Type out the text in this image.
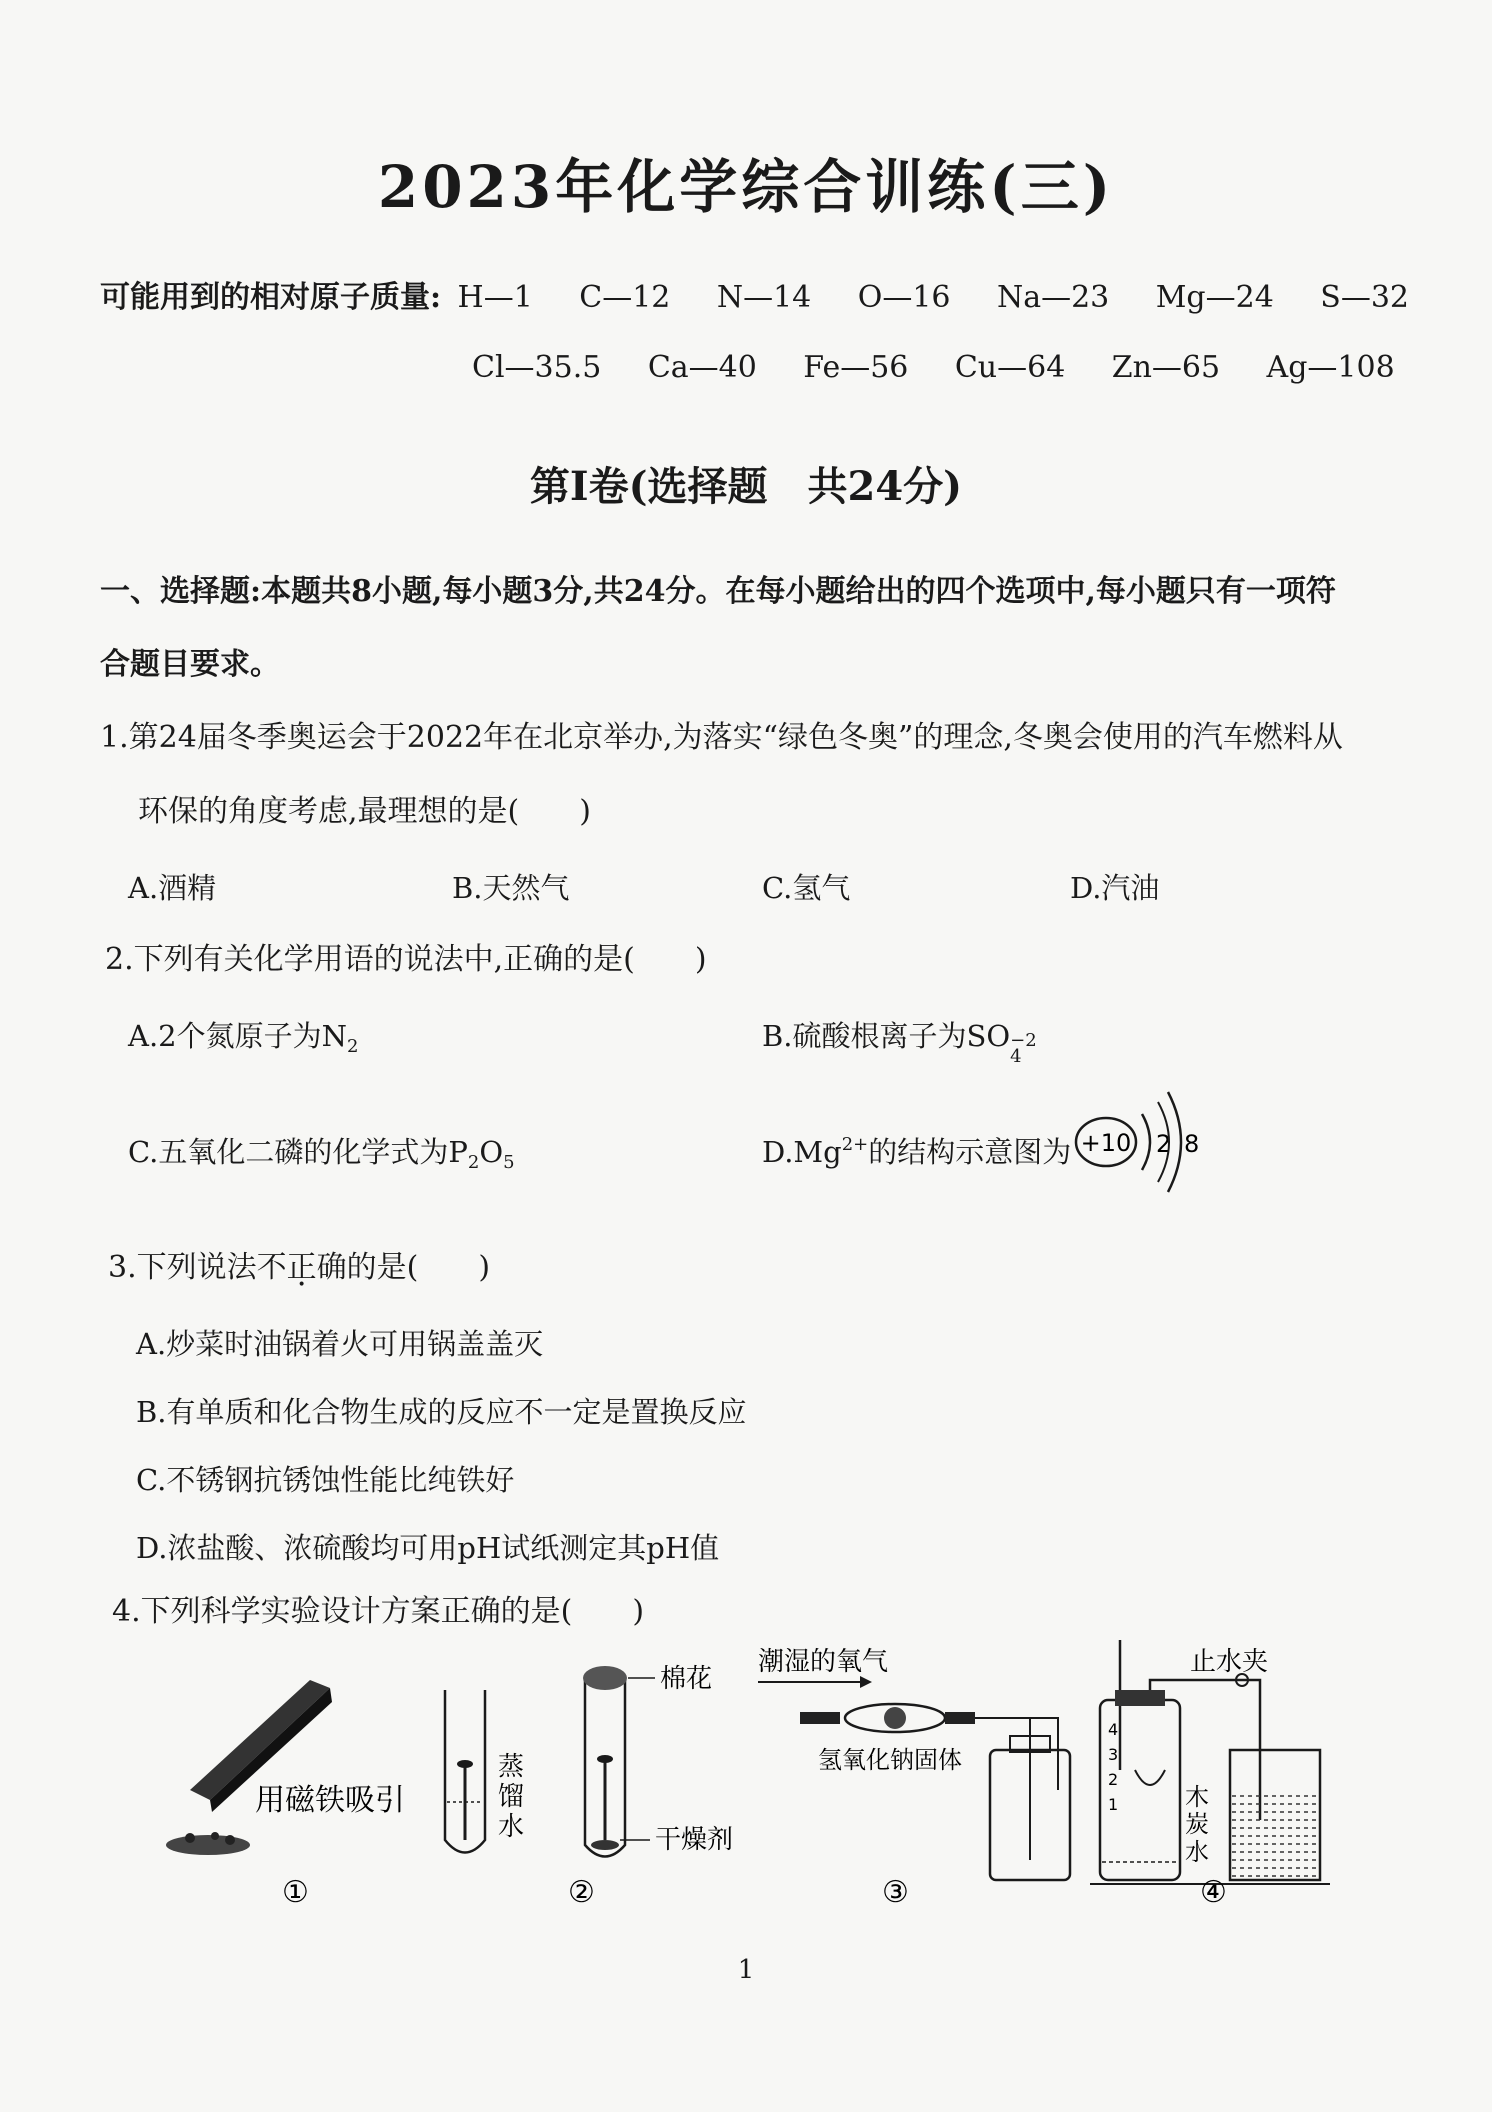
2023年化学综合训练(三)
可能用到的相对原子质量: H—1 C—12 N—14 O—16 Na—23 Mg—24 S—32
Cl—35.5 Ca—40 Fe—56 Cu—64 Zn—65 Ag—108
第Ⅰ卷(选择题　共24分)
一、选择题:本题共8小题,每小题3分,共24分。在每小题给出的四个选项中,每小题只有一项符
合题目要求。
1.第24届冬季奥运会于2022年在北京举办,为落实“绿色冬奥”的理念,冬奥会使用的汽车燃料从
环保的角度考虑,最理想的是(　　)
A.酒精	B.天然气	C.氢气	D.汽油
2.下列有关化学用语的说法中,正确的是(　　)
A.2个氮原子为$N_2$	B.硫酸根离子为SO −2
4
C.五氧化二磷的化学式为$P_2O_5$	$D.Mg^{2+}$的结构示意图为 +10 2 8
3.下列说法不正确的是(　　)
A.炒菜时油锅着火可用锅盖盖灭
B.有单质和化合物生成的反应不一定是置换反应
C.不锈钢抗锈蚀性能比纯铁好
D.浓盐酸、浓硫酸均可用pH试纸测定其pH值
4.下列科学实验设计方案正确的是(　　)
用磁铁吸引
①
蒸
馏
水
棉花
干燥剂
②
潮湿的氧气
氢氧化钠固体
③
止水夹
4
3
2
1	木
炭
水
④
1
